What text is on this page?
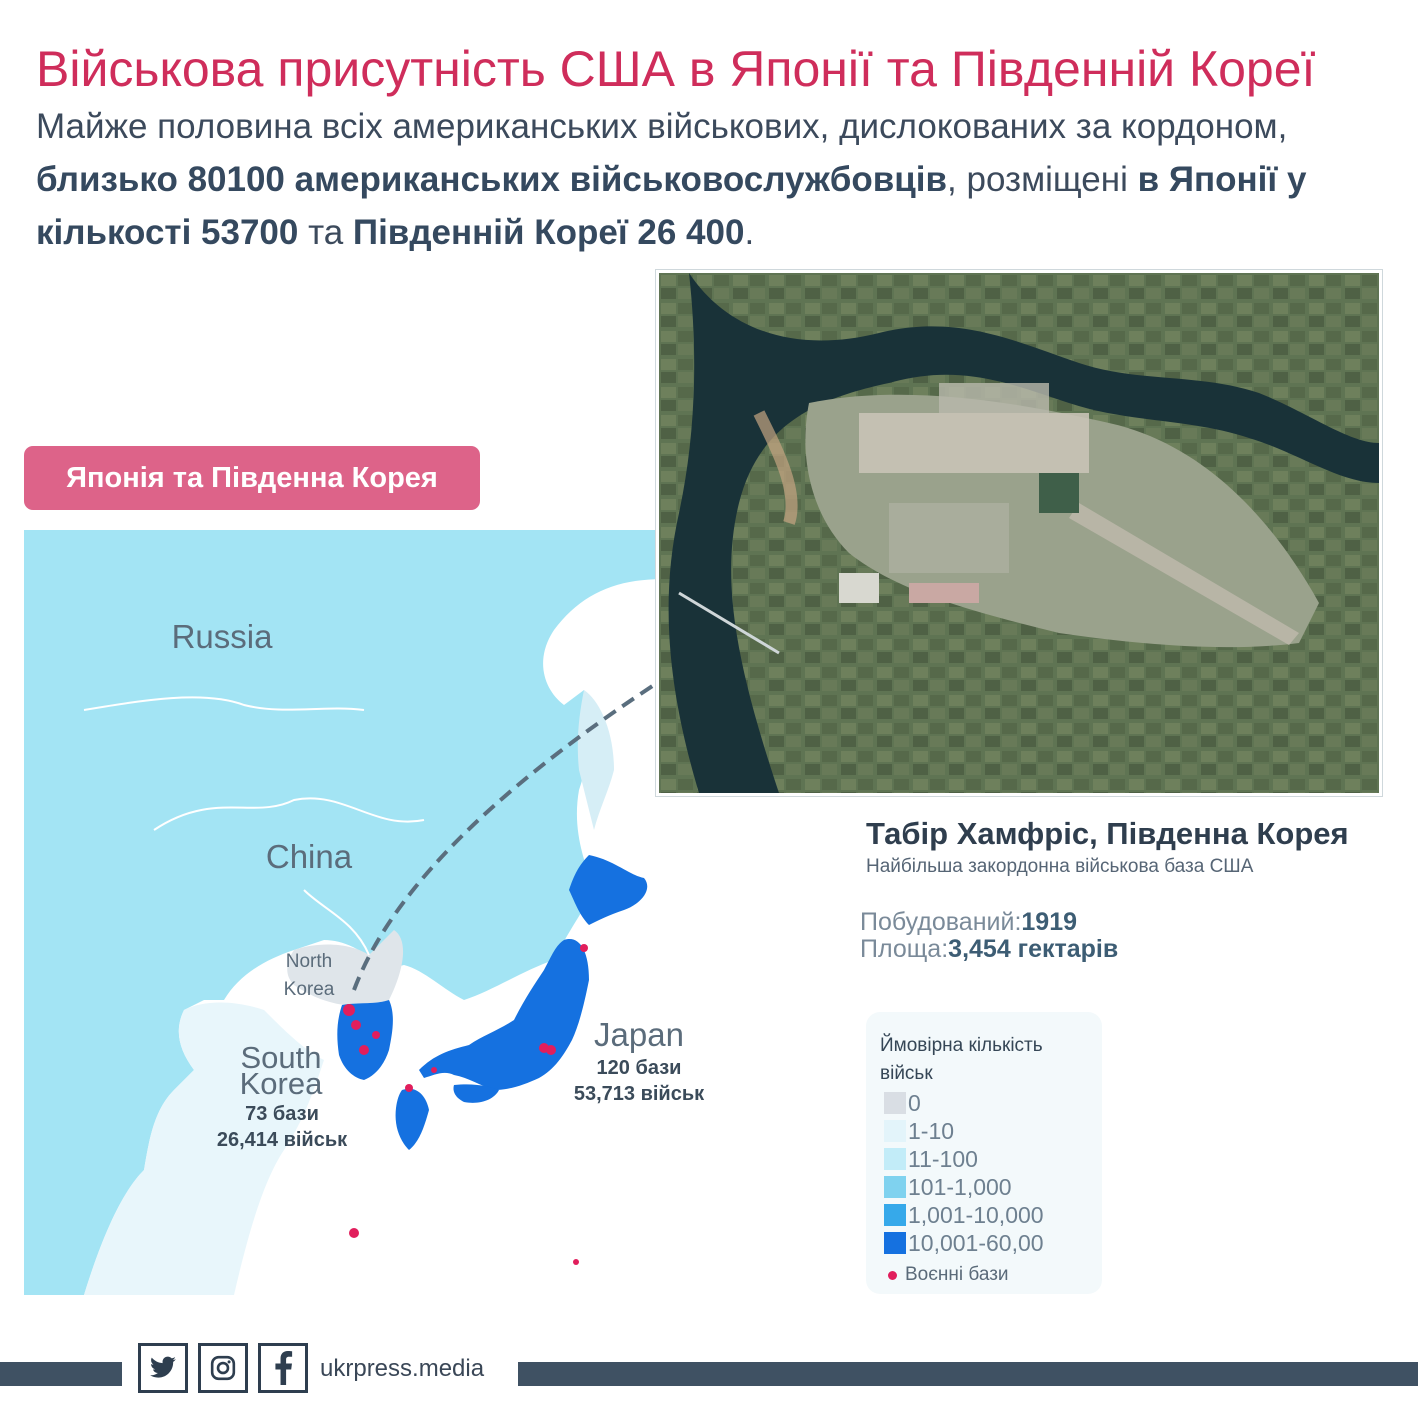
Військова присутність США в Японії та Південній Кореї
Майже половина всіх американських військових, дислокованих за кордоном, близько 80100 американських військовослужбовців, розміщені в Японії у кількості 53700 та Південній Кореї 26 400.
Японія та Південна Корея
Russia
China
North
Korea
South
Korea
73 бази
26,414 військ
Japan
120 бази
53,713 військ
Табір Хамфріс, Південна Корея
Найбільша закордонна військова база США
Побудований:1919
Площа:3,454 гектарів
Ймовірна кількість військ
0
1-10
11-100
101-1,000
1,001-10,000
10,001-60,00
Воєнні бази
ukrpress.media
